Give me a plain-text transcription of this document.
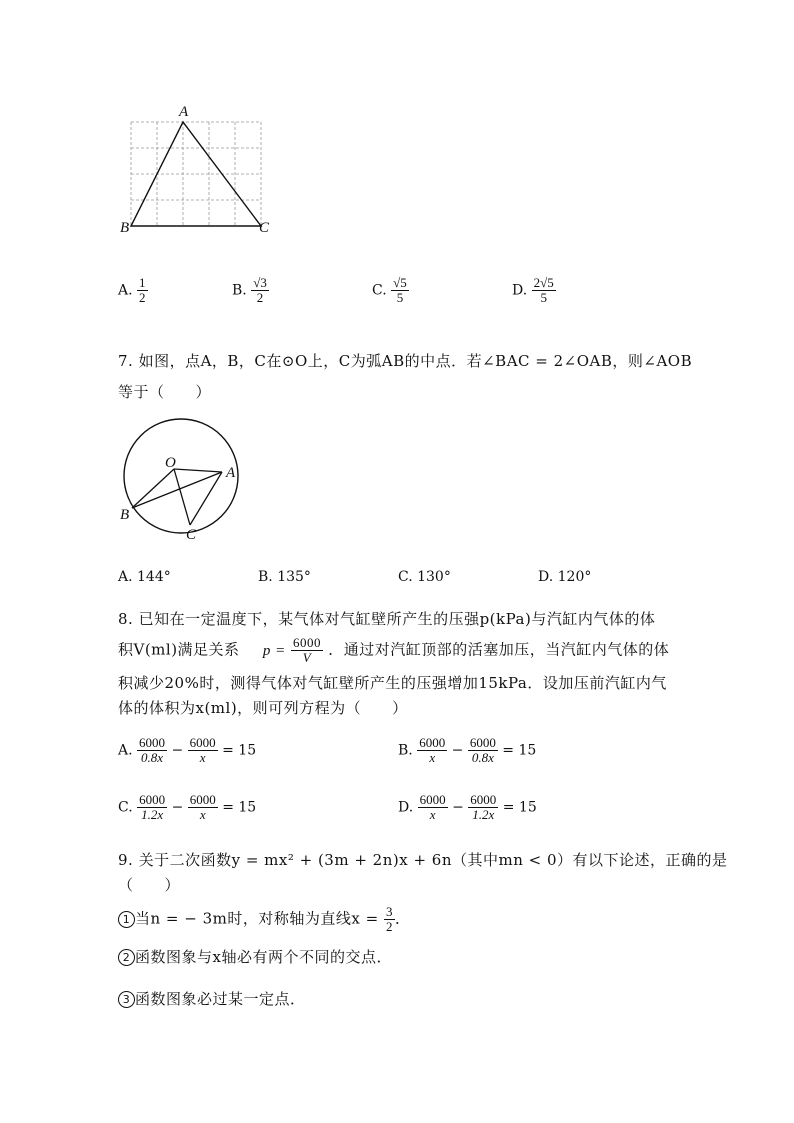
A
B	C
A. $\frac{1}{2}$	B. $\frac{√3}{2}$	C. $\frac{√5}{5}$	D. $\frac{2√5}{5}$
7. 如图，点A，B，C在⊙O上，C为弧AB的中点．若∠BAC = 2∠OAB，则∠AOB
等于（　　）
O
A
B
C
A. 144°	B. 135°	C. 130°	D. 120°
8. 已知在一定温度下，某气体对气缸壁所产生的压强p(kPa)与汽缸内气体的体
积V(ml)满足关系 $p = \frac{6000}{V}$ ．通过对汽缸顶部的活塞加压，当汽缸内气体的体
积减少20%时，测得气体对气缸壁所产生的压强增加15kPa．设加压前汽缸内气
体的体积为x(ml)，则可列方程为（　　）
A. $\frac{6000}{0.8x} - \frac{6000}{x} = 15$	B. $\frac{6000}{x} - \frac{6000}{0.8x} = 15$
C. $\frac{6000}{1.2x} - \frac{6000}{x} = 15$	D. $\frac{6000}{x} - \frac{6000}{1.2x} = 15$
9. 关于二次函数y = mx² + (3m + 2n)x + 6n（其中mn < 0）有以下论述，正确的是
（　　）
1 当n = − 3m时，对称轴为直线$x = \frac{3}{2}$ ．
2 函数图象与x轴必有两个不同的交点．
3 函数图象必过某一定点．
